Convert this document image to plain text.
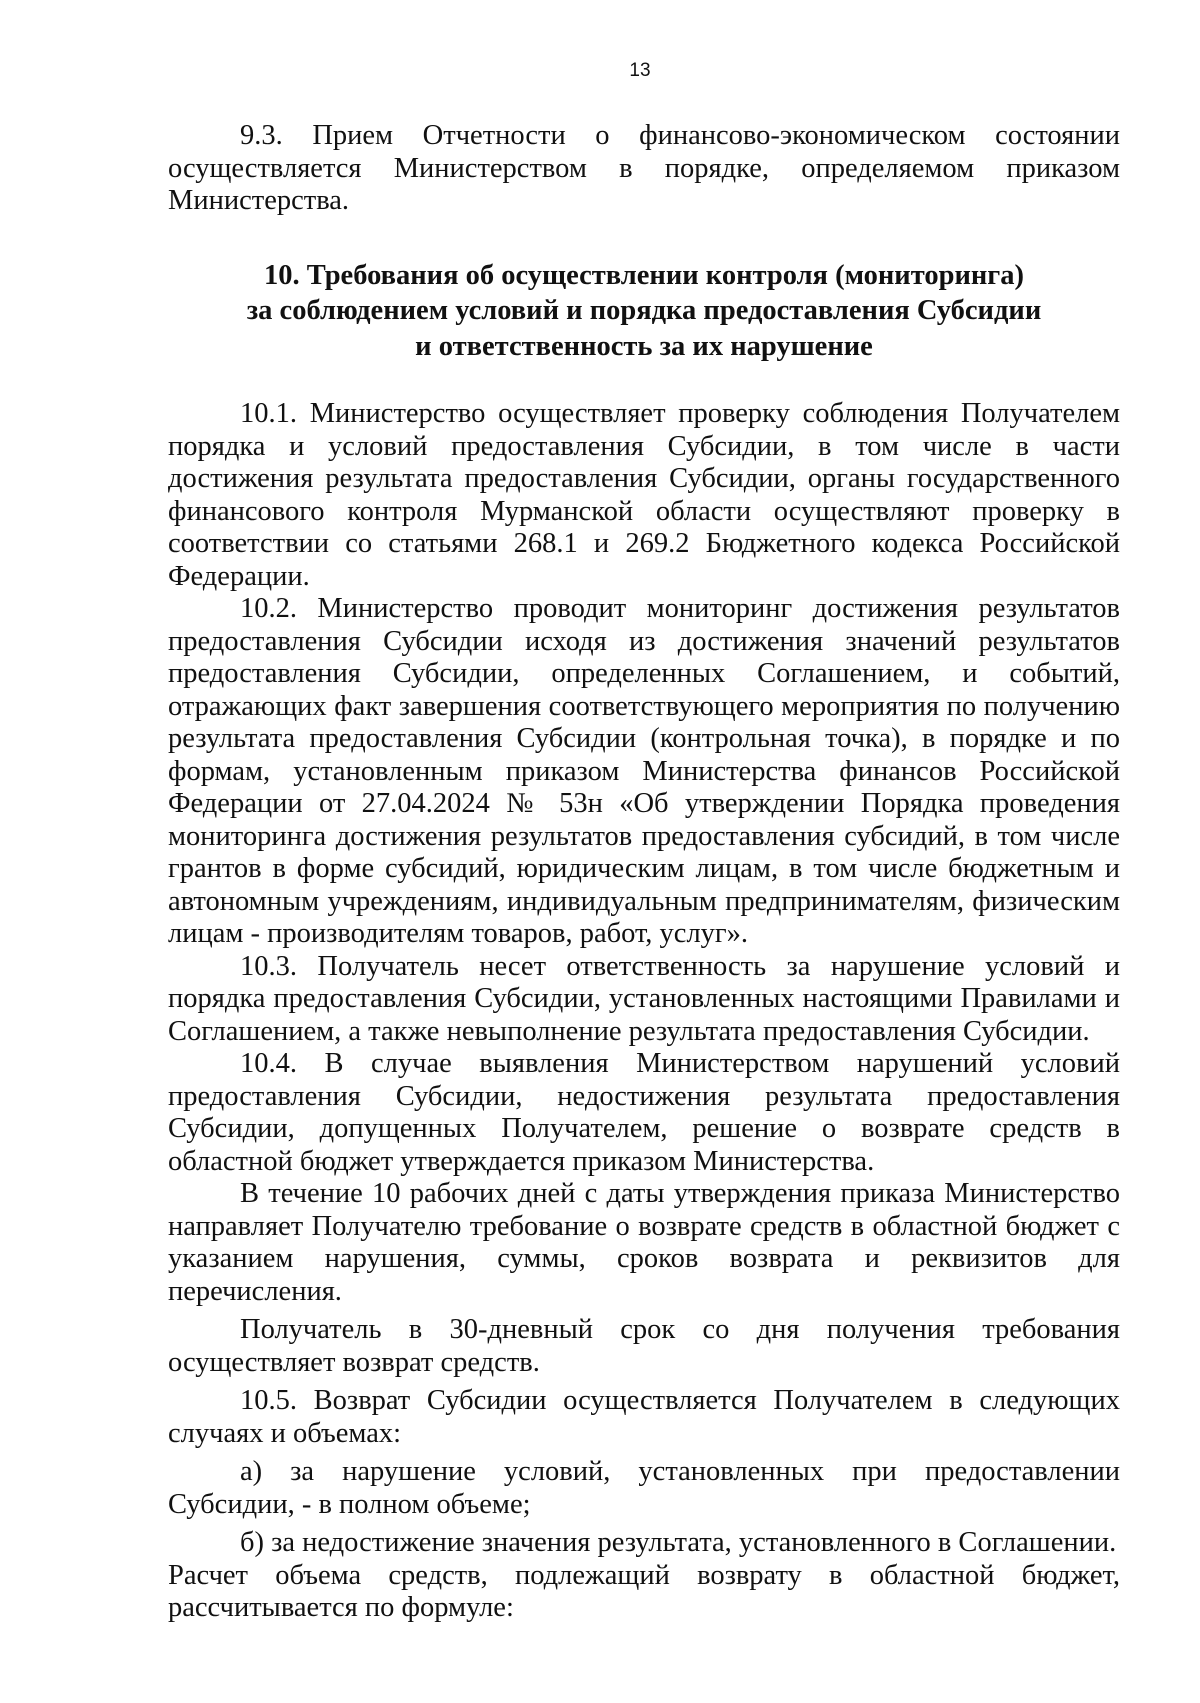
13

9.3. Прием Отчетности о финансово-экономическом состоянии осуществляется Министерством в порядке, определяемом приказом Министерства.

10. Требования об осуществлении контроля (мониторинга)
за соблюдением условий и порядка предоставления Субсидии
и ответственность за их нарушение

10.1. Министерство осуществляет проверку соблюдения Получателем порядка и условий предоставления Субсидии, в том числе в части достижения результата предоставления Субсидии, органы государственного финансового контроля Мурманской области осуществляют проверку в соответствии со статьями 268.1 и 269.2 Бюджетного кодекса Российской Федерации.

10.2. Министерство проводит мониторинг достижения результатов предоставления Субсидии исходя из достижения значений результатов предоставления Субсидии, определенных Соглашением, и событий, отражающих факт завершения соответствующего мероприятия по получению результата предоставления Субсидии (контрольная точка), в порядке и по формам, установленным приказом Министерства финансов Российской Федерации от 27.04.2024 № 53н «Об утверждении Порядка проведения мониторинга достижения результатов предоставления субсидий, в том числе грантов в форме субсидий, юридическим лицам, в том числе бюджетным и автономным учреждениям, индивидуальным предпринимателям, физическим лицам - производителям товаров, работ, услуг».

10.3. Получатель несет ответственность за нарушение условий и порядка предоставления Субсидии, установленных настоящими Правилами и Соглашением, а также невыполнение результата предоставления Субсидии.

10.4. В случае выявления Министерством нарушений условий предоставления Субсидии, недостижения результата предоставления Субсидии, допущенных Получателем, решение о возврате средств в областной бюджет утверждается приказом Министерства.

В течение 10 рабочих дней с даты утверждения приказа Министерство направляет Получателю требование о возврате средств в областной бюджет с указанием нарушения, суммы, сроков возврата и реквизитов для перечисления.

Получатель в 30-дневный срок со дня получения требования осуществляет возврат средств.

10.5. Возврат Субсидии осуществляется Получателем в следующих случаях и объемах:

а) за нарушение условий, установленных при предоставлении Субсидии, - в полном объеме;

б) за недостижение значения результата, установленного в Соглашении.

Расчет объема средств, подлежащий возврату в областной бюджет, рассчитывается по формуле:
